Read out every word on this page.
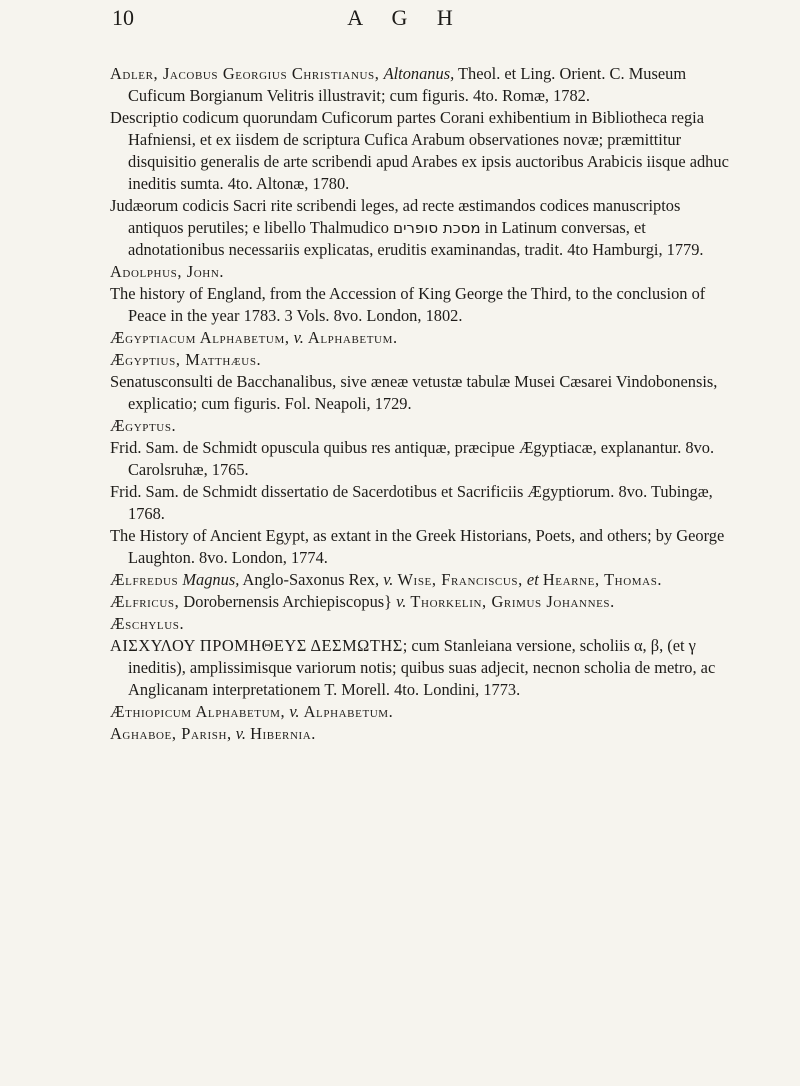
10	A G H

Adler, Jacobus Georgius Christianus, Altonanus, Theol. et Ling. Orient. C. Museum Cuficum Borgianum Velitris illustravit; cum figuris. 4to. Romæ, 1782.

Descriptio codicum quorundam Cuficorum partes Corani exhibentium in Bibliotheca regia Hafniensi, et ex iisdem de scriptura Cufica Arabum observationes novæ; præmittitur disquisitio generalis de arte scribendi apud Arabes ex ipsis auctoribus Arabicis iisque adhuc ineditis sumta. 4to. Altonæ, 1780.

Judæorum codicis Sacri rite scribendi leges, ad recte æstimandos codices manuscriptos antiquos perutiles; e libello Thalmudico מסכת סופרים in Latinum conversas, et adnotationibus necessariis explicatas, eruditis examinandas, tradit. 4to Hamburgi, 1779.

Adolphus, John.

The history of England, from the Accession of King George the Third, to the conclusion of Peace in the year 1783. 3 Vols. 8vo. London, 1802.

Ægyptiacum Alphabetum, v. Alphabetum.

Ægyptius, Matthæus.

Senatusconsulti de Bacchanalibus, sive æneæ vetustæ tabulæ Musei Cæsarei Vindobonensis, explicatio; cum figuris. Fol. Neapoli, 1729.

Ægyptus.

Frid. Sam. de Schmidt opuscula quibus res antiquæ, præcipue Ægyptiacæ, explanantur. 8vo. Carolsruhæ, 1765.

Frid. Sam. de Schmidt dissertatio de Sacerdotibus et Sacrificiis Ægyptiorum. 8vo. Tubingæ, 1768.

The History of Ancient Egypt, as extant in the Greek Historians, Poets, and others; by George Laughton. 8vo. London, 1774.

Ælfredus Magnus, Anglo-Saxonus Rex, v. Wise, Franciscus, et Hearne, Thomas.

Ælfricus, Dorobernensis Archiepiscopus} v. Thorkelin, Grimus Johannes.

Æschylus.

ΑΙΣΧΥΛΟΥ ΠΡΟΜΗΘΕΥΣ ΔΕΣΜΩΤΗΣ; cum Stanleiana versione, scholiis α, β, (et γ ineditis), amplissimisque variorum notis; quibus suas adjecit, necnon scholia de metro, ac Anglicanam interpretationem T. Morell. 4to. Londini, 1773.

Æthiopicum Alphabetum, v. Alphabetum.

Aghaboe, Parish, v. Hibernia.
